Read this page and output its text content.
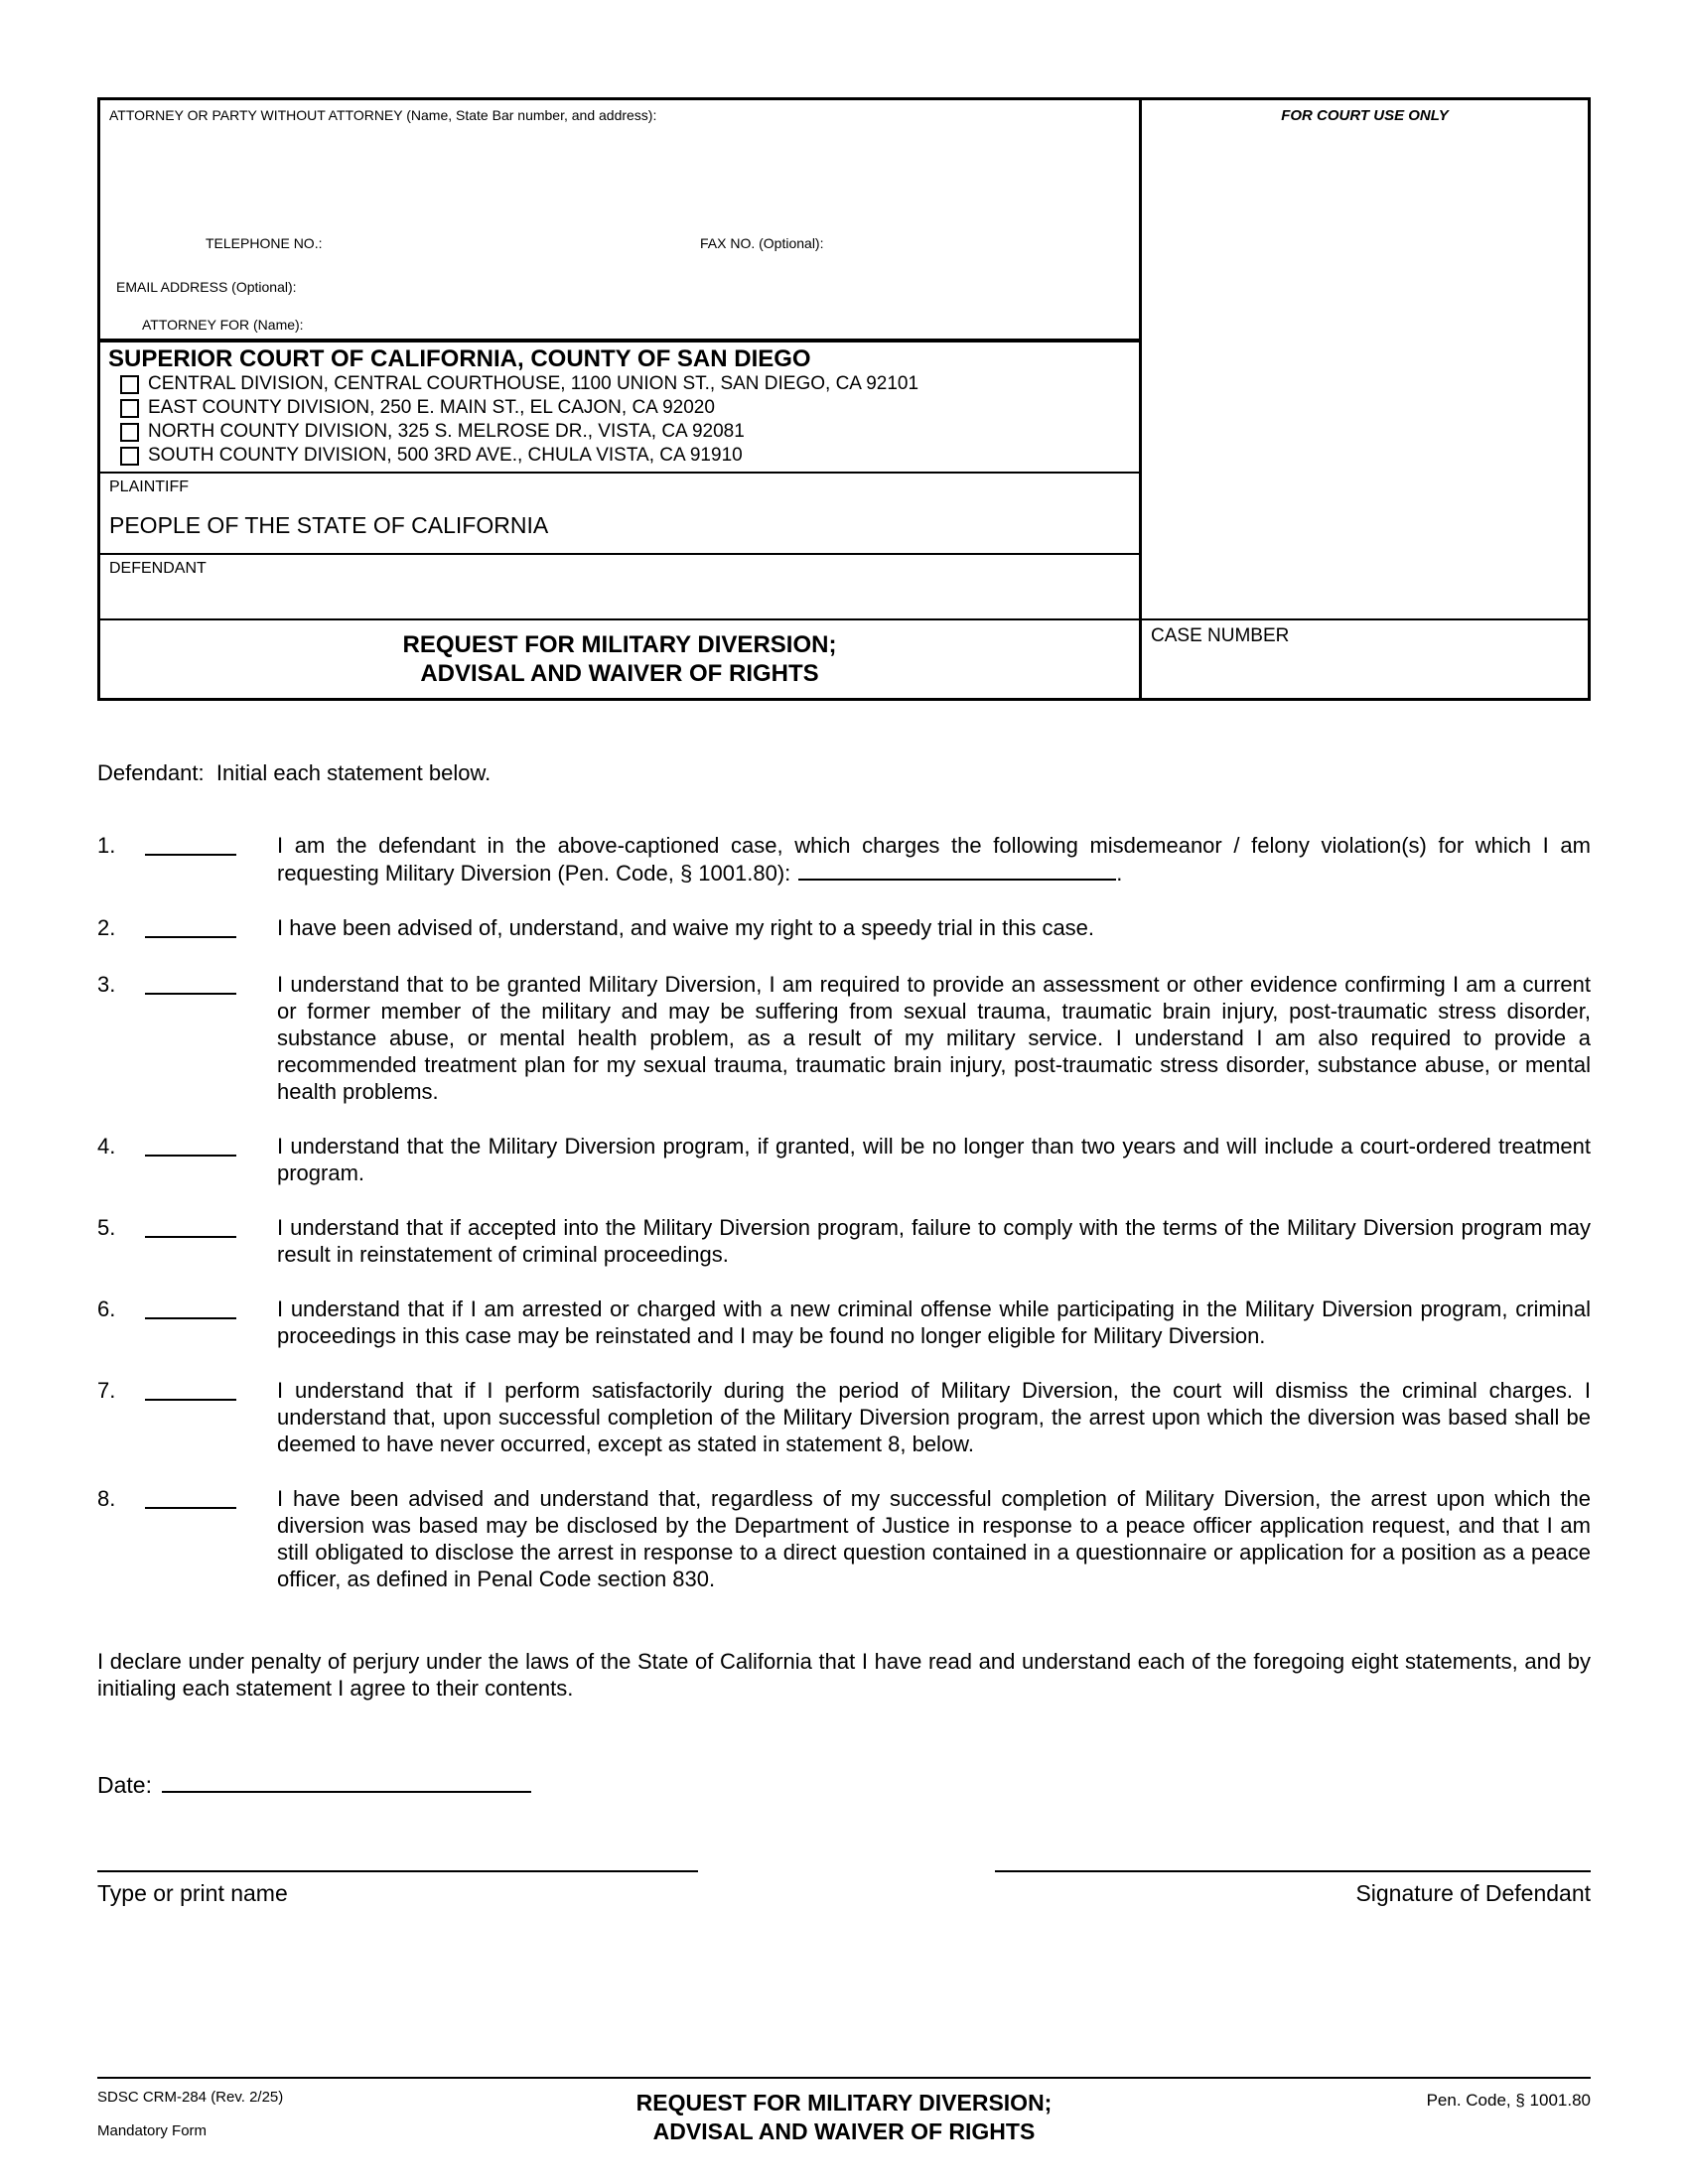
ATTORNEY OR PARTY WITHOUT ATTORNEY (Name, State Bar number, and address):
TELEPHONE NO.:	FAX NO. (Optional):
EMAIL ADDRESS (Optional):
ATTORNEY FOR (Name):
SUPERIOR COURT OF CALIFORNIA, COUNTY OF SAN DIEGO
CENTRAL DIVISION, CENTRAL COURTHOUSE, 1100 UNION ST., SAN DIEGO, CA 92101
EAST COUNTY DIVISION, 250 E. MAIN ST., EL CAJON, CA 92020
NORTH COUNTY DIVISION, 325 S. MELROSE DR., VISTA, CA 92081
SOUTH COUNTY DIVISION, 500 3RD AVE., CHULA VISTA, CA 91910
PLAINTIFF
PEOPLE OF THE STATE OF CALIFORNIA
DEFENDANT
REQUEST FOR MILITARY DIVERSION;
ADVISAL AND WAIVER OF RIGHTS
FOR COURT USE ONLY
CASE NUMBER
Defendant:  Initial each statement below.
1.	I am the defendant in the above-captioned case, which charges the following misdemeanor / felony violation(s) for which I am requesting Military Diversion (Pen. Code, § 1001.80):	.
2.	I have been advised of, understand, and waive my right to a speedy trial in this case.
3.	I understand that to be granted Military Diversion, I am required to provide an assessment or other evidence confirming I am a current or former member of the military and may be suffering from sexual trauma, traumatic brain injury, post-traumatic stress disorder, substance abuse, or mental health problem, as a result of my military service. I understand I am also required to provide a recommended treatment plan for my sexual trauma, traumatic brain injury, post-traumatic stress disorder, substance abuse, or mental health problems.
4.	I understand that the Military Diversion program, if granted, will be no longer than two years and will include a court-ordered treatment program.
5.	I understand that if accepted into the Military Diversion program, failure to comply with the terms of the Military Diversion program may result in reinstatement of criminal proceedings.
6.	I understand that if I am arrested or charged with a new criminal offense while participating in the Military Diversion program, criminal proceedings in this case may be reinstated and I may be found no longer eligible for Military Diversion.
7.	I understand that if I perform satisfactorily during the period of Military Diversion, the court will dismiss the criminal charges. I understand that, upon successful completion of the Military Diversion program, the arrest upon which the diversion was based shall be deemed to have never occurred, except as stated in statement 8, below.
8.	I have been advised and understand that, regardless of my successful completion of Military Diversion, the arrest upon which the diversion was based may be disclosed by the Department of Justice in response to a peace officer application request, and that I am still obligated to disclose the arrest in response to a direct question contained in a questionnaire or application for a position as a peace officer, as defined in Penal Code section 830.
I declare under penalty of perjury under the laws of the State of California that I have read and understand each of the foregoing eight statements, and by initialing each statement I agree to their contents.
Date:
Type or print name	Signature of Defendant
SDSC CRM-284 (Rev. 2/25)
Mandatory Form
REQUEST FOR MILITARY DIVERSION;
ADVISAL AND WAIVER OF RIGHTS
Pen. Code, § 1001.80
